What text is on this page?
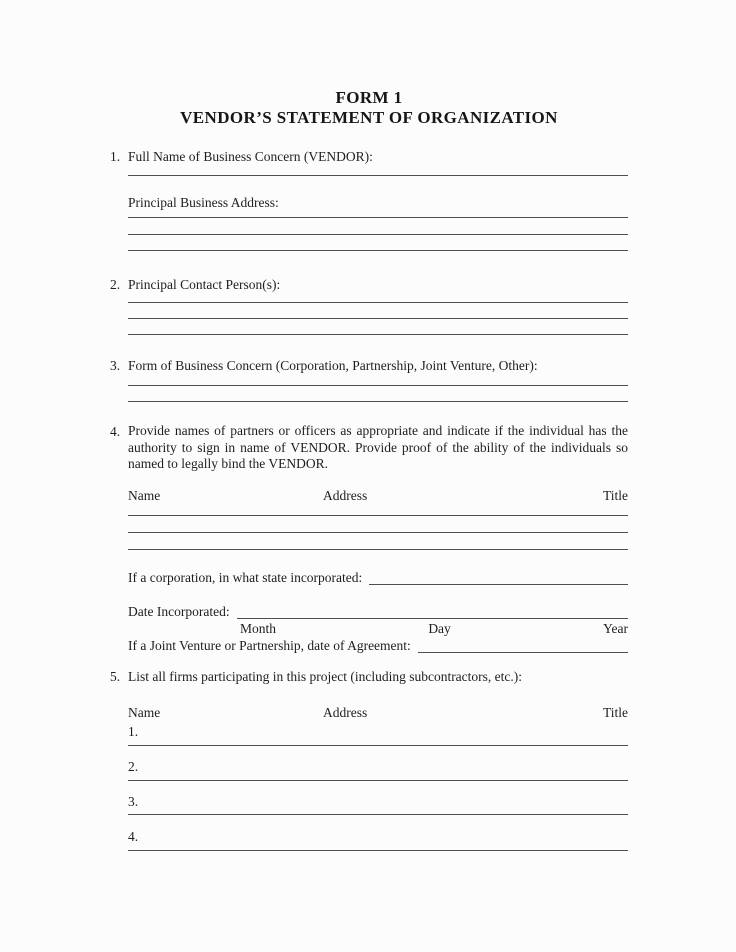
FORM 1
VENDOR’S STATEMENT OF ORGANIZATION
1. Full Name of Business Concern (VENDOR):
Principal Business Address:
2. Principal Contact Person(s):
3. Form of Business Concern (Corporation, Partnership, Joint Venture, Other):
4. Provide names of partners or officers as appropriate and indicate if the individual has the authority to sign in name of VENDOR. Provide proof of the ability of the individuals so named to legally bind the VENDOR.
Name	Address	Title
If a corporation, in what state incorporated:
Date Incorporated:
Month	Day	Year
If a Joint Venture or Partnership, date of Agreement:
5. List all firms participating in this project (including subcontractors, etc.):
Name	Address	Title
1.
2.
3.
4.
